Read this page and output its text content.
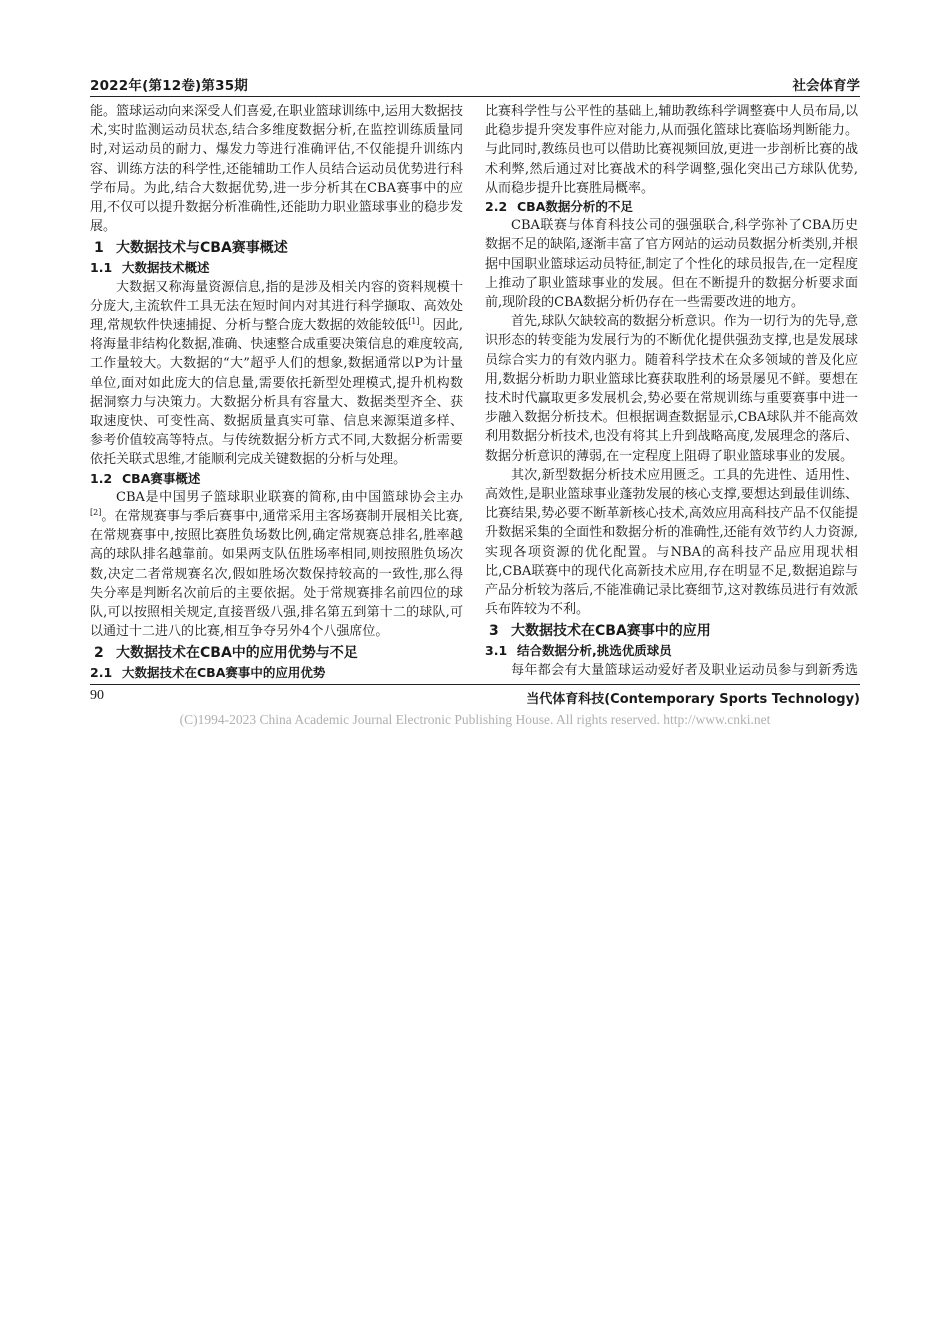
2022年(第12卷)第35期	社会体育学

能。篮球运动向来深受人们喜爱,在职业篮球训练中,运用大数据技术,实时监测运动员状态,结合多维度数据分析,在监控训练质量同时,对运动员的耐力、爆发力等进行准确评估,不仅能提升训练内容、训练方法的科学性,还能辅助工作人员结合运动员优势进行科学布局。为此,结合大数据优势,进一步分析其在CBA赛事中的应用,不仅可以提升数据分析准确性,还能助力职业篮球事业的稳步发展。

1 大数据技术与CBA赛事概述
1.1 大数据技术概述

大数据又称海量资源信息,指的是涉及相关内容的资料规模十分庞大,主流软件工具无法在短时间内对其进行科学撷取、高效处理,常规软件快速捕捉、分析与整合庞大数据的效能较低[1]。因此,将海量非结构化数据,准确、快速整合成重要决策信息的难度较高,工作量较大。大数据的“大”超乎人们的想象,数据通常以P为计量单位,面对如此庞大的信息量,需要依托新型处理模式,提升机构数据洞察力与决策力。大数据分析具有容量大、数据类型齐全、获取速度快、可变性高、数据质量真实可靠、信息来源渠道多样、参考价值较高等特点。与传统数据分析方式不同,大数据分析需要依托关联式思维,才能顺利完成关键数据的分析与处理。

1.2 CBA赛事概述

CBA是中国男子篮球职业联赛的简称,由中国篮球协会主办[2]。在常规赛事与季后赛事中,通常采用主客场赛制开展相关比赛,在常规赛事中,按照比赛胜负场数比例,确定常规赛总排名,胜率越高的球队排名越靠前。如果两支队伍胜场率相同,则按照胜负场次数,决定二者常规赛名次,假如胜场次数保持较高的一致性,那么得失分率是判断名次前后的主要依据。处于常规赛排名前四位的球队,可以按照相关规定,直接晋级八强,排名第五到第十二的球队,可以通过十二进八的比赛,相互争夺另外4个八强席位。

2 大数据技术在CBA中的应用优势与不足
2.1 大数据技术在CBA赛事中的应用优势

比赛科学性与公平性的基础上,辅助教练科学调整赛中人员布局,以此稳步提升突发事件应对能力,从而强化篮球比赛临场判断能力。与此同时,教练员也可以借助比赛视频回放,更进一步剖析比赛的战术利弊,然后通过对比赛战术的科学调整,强化突出己方球队优势,从而稳步提升比赛胜局概率。

2.2 CBA数据分析的不足

CBA联赛与体育科技公司的强强联合,科学弥补了CBA历史数据不足的缺陷,逐渐丰富了官方网站的运动员数据分析类别,并根据中国职业篮球运动员特征,制定了个性化的球员报告,在一定程度上推动了职业篮球事业的发展。但在不断提升的数据分析要求面前,现阶段的CBA数据分析仍存在一些需要改进的地方。

首先,球队欠缺较高的数据分析意识。作为一切行为的先导,意识形态的转变能为发展行为的不断优化提供强劲支撑,也是发展球员综合实力的有效内驱力。随着科学技术在众多领域的普及化应用,数据分析助力职业篮球比赛获取胜利的场景屡见不鲜。要想在技术时代赢取更多发展机会,势必要在常规训练与重要赛事中进一步融入数据分析技术。但根据调查数据显示,CBA球队并不能高效利用数据分析技术,也没有将其上升到战略高度,发展理念的落后、数据分析意识的薄弱,在一定程度上阻碍了职业篮球事业的发展。

其次,新型数据分析技术应用匮乏。工具的先进性、适用性、高效性,是职业篮球事业蓬勃发展的核心支撑,要想达到最佳训练、比赛结果,势必要不断革新核心技术,高效应用高科技产品不仅能提升数据采集的全面性和数据分析的准确性,还能有效节约人力资源,实现各项资源的优化配置。与NBA的高科技产品应用现状相比,CBA联赛中的现代化高新技术应用,存在明显不足,数据追踪与产品分析较为落后,不能准确记录比赛细节,这对教练员进行有效派兵布阵较为不利。

3 大数据技术在CBA赛事中的应用
3.1 结合数据分析,挑选优质球员

每年都会有大量篮球运动爱好者及职业运动员参与到新秀选

90	当代体育科技(Contemporary Sports Technology)
(C)1994-2023 China Academic Journal Electronic Publishing House. All rights reserved. http://www.cnki.net
